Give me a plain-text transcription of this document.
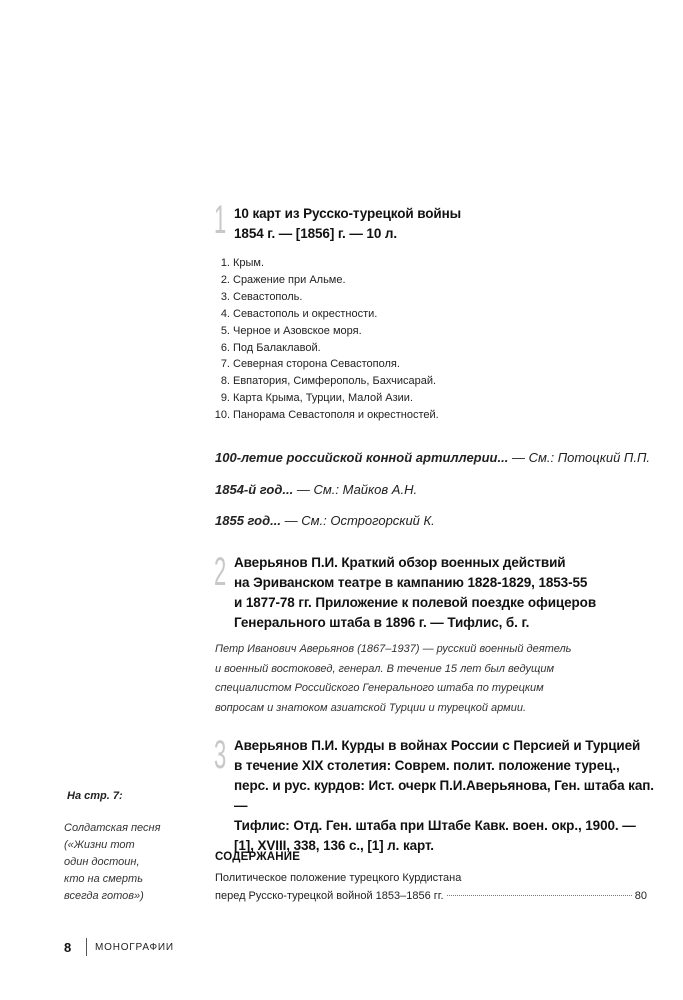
1 10 карт из Русско-турецкой войны
1854 г. — [1856] г. — 10 л.
1. Крым.
2. Сражение при Альме.
3. Севастополь.
4. Севастополь и окрестности.
5. Черное и Азовское моря.
6. Под Балаклавой.
7. Северная сторона Севастополя.
8. Евпатория, Симферополь, Бахчисарай.
9. Карта Крыма, Турции, Малой Азии.
10. Панорама Севастополя и окрестностей.
100-летие российской конной артиллерии... — См.: Потоцкий П.П.
1854-й год... — См.: Майков А.Н.
1855 год... — См.: Острогорский К.
2 Аверьянов П.И. Краткий обзор военных действий
на Эриванском театре в кампанию 1828-1829, 1853-55
и 1877-78 гг. Приложение к полевой поездке офицеров
Генерального штаба в 1896 г. — Тифлис, б. г.
Петр Иванович Аверьянов (1867–1937) — русский военный деятель
и военный востоковед, генерал. В течение 15 лет был ведущим
специалистом Российского Генерального штаба по турецким
вопросам и знатоком азиатской Турции и турецкой армии.
3 Аверьянов П.И. Курды в войнах России с Персией и Турцией
в течение XIX столетия: Соврем. полит. положение турец.,
перс. и рус. курдов: Ист. очерк П.И.Аверьянова, Ген. штаба кап. —
Тифлис: Отд. Ген. штаба при Штабе Кавк. воен. окр., 1900. —
[1], XVIII, 338, 136 с., [1] л. карт.
На стр. 7:
Солдатская песня
(«Жизни тот
один достоин,
кто на смерть
всегда готов»)
СОДЕРЖАНИЕ
Политическое положение турецкого Курдистана
перед Русско-турецкой войной 1853–1856 гг.	80
8 МОНОГРАФИИ
